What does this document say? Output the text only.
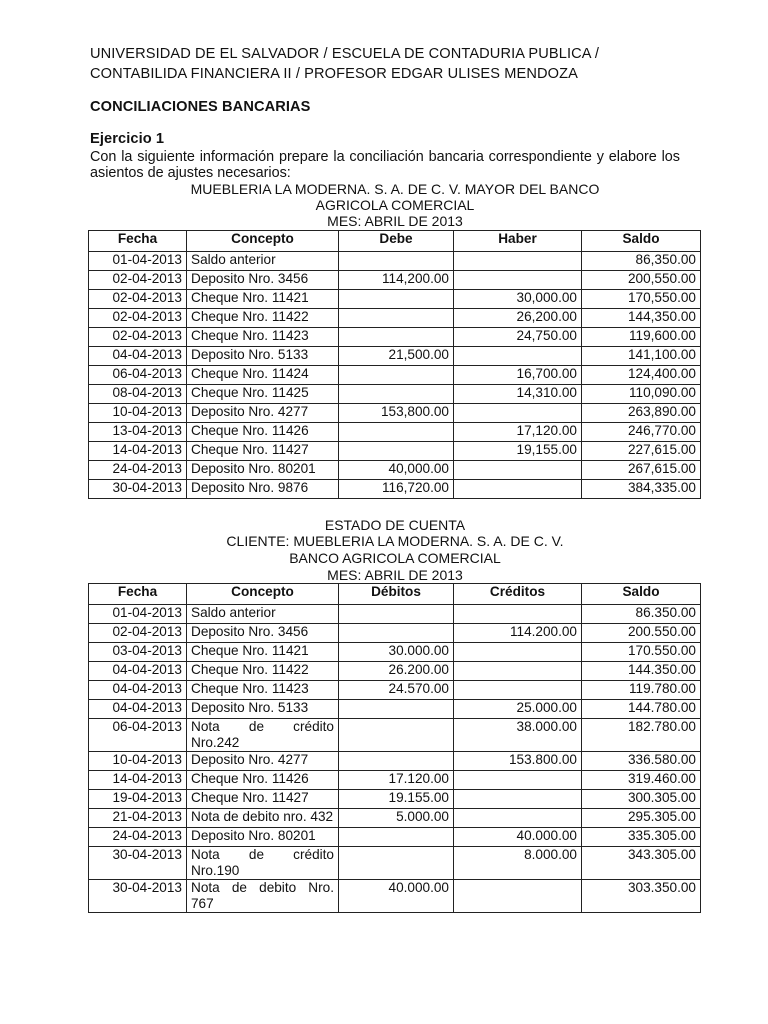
UNIVERSIDAD DE EL SALVADOR / ESCUELA DE CONTADURIA PUBLICA /
CONTABILIDA FINANCIERA II / PROFESOR EDGAR ULISES MENDOZA
CONCILIACIONES BANCARIAS
Ejercicio 1
Con la siguiente información prepare la conciliación bancaria correspondiente y elabore los asientos de ajustes necesarios:
MUEBLERIA LA MODERNA. S. A. DE C. V. MAYOR DEL BANCO
AGRICOLA COMERCIAL
MES: ABRIL DE 2013
Fecha	Concepto	Debe	Haber	Saldo
01-04-2013	Saldo anterior			86,350.00
02-04-2013	Deposito Nro. 3456	114,200.00		200,550.00
02-04-2013	Cheque Nro. 11421		30,000.00	170,550.00
02-04-2013	Cheque Nro. 11422		26,200.00	144,350.00
02-04-2013	Cheque Nro. 11423		24,750.00	119,600.00
04-04-2013	Deposito Nro. 5133	21,500.00		141,100.00
06-04-2013	Cheque Nro. 11424		16,700.00	124,400.00
08-04-2013	Cheque Nro. 11425		14,310.00	110,090.00
10-04-2013	Deposito Nro. 4277	153,800.00		263,890.00
13-04-2013	Cheque Nro. 11426		17,120.00	246,770.00
14-04-2013	Cheque Nro. 11427		19,155.00	227,615.00
24-04-2013	Deposito Nro. 80201	40,000.00		267,615.00
30-04-2013	Deposito Nro. 9876	116,720.00		384,335.00
ESTADO DE CUENTA
CLIENTE: MUEBLERIA LA MODERNA. S. A. DE C. V.
BANCO AGRICOLA COMERCIAL
MES: ABRIL DE 2013
Fecha	Concepto	Débitos	Créditos	Saldo
01-04-2013	Saldo anterior			86.350.00
02-04-2013	Deposito Nro. 3456		114.200.00	200.550.00
03-04-2013	Cheque Nro. 11421	30.000.00		170.550.00
04-04-2013	Cheque Nro. 11422	26.200.00		144.350.00
04-04-2013	Cheque Nro. 11423	24.570.00		119.780.00
04-04-2013	Deposito Nro. 5133		25.000.00	144.780.00
06-04-2013	Nota de crédito Nro.242		38.000.00	182.780.00
10-04-2013	Deposito Nro. 4277		153.800.00	336.580.00
14-04-2013	Cheque Nro. 11426	17.120.00		319.460.00
19-04-2013	Cheque Nro. 11427	19.155.00		300.305.00
21-04-2013	Nota de debito nro. 432	5.000.00		295.305.00
24-04-2013	Deposito Nro. 80201		40.000.00	335.305.00
30-04-2013	Nota de crédito Nro.190		8.000.00	343.305.00
30-04-2013	Nota de debito Nro. 767	40.000.00		303.350.00
